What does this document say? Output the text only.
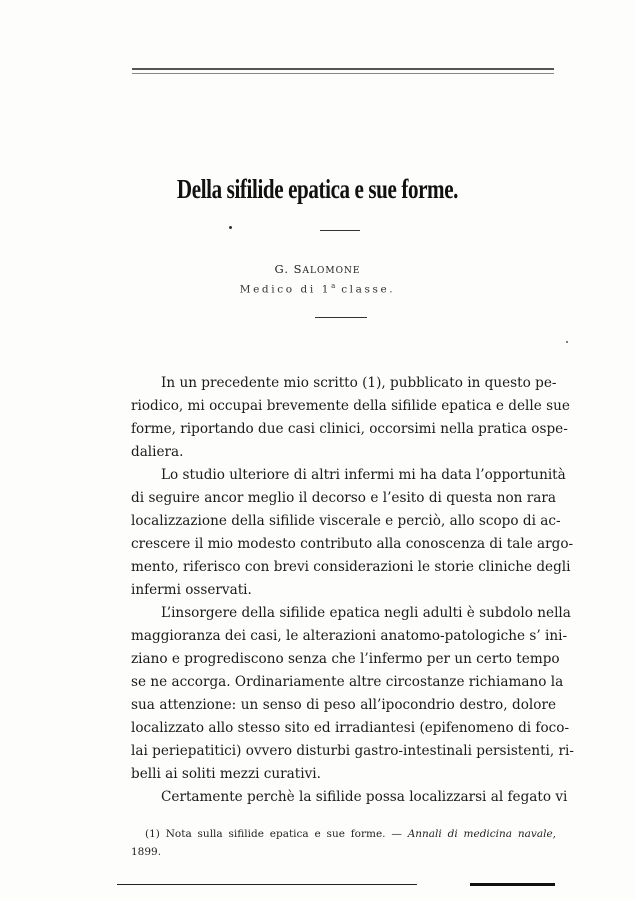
Della sifilide epatica e sue forme.
G. SALOMONE
Medico di 1$^a$ classe.
In un precedente mio scritto (1), pubblicato in questo pe-
riodico, mi occupai brevemente della sifilide epatica e delle sue
forme, riportando due casi clinici, occorsimi nella pratica ospe-
daliera.
Lo studio ulteriore di altri infermi mi ha data l’opportunità
di seguire ancor meglio il decorso e l’esito di questa non rara
localizzazione della sifilide viscerale e perciò, allo scopo di ac-
crescere il mio modesto contributo alla conoscenza di tale argo-
mento, riferisco con brevi considerazioni le storie cliniche degli
infermi osservati.
L’insorgere della sifilide epatica negli adulti è subdolo nella
maggioranza dei casi, le alterazioni anatomo-patologiche s’ ini-
ziano e progrediscono senza che l’infermo per un certo tempo
se ne accorga. Ordinariamente altre circostanze richiamano la
sua attenzione: un senso di peso all’ipocondrio destro, dolore
localizzato allo stesso sito ed irradiantesi (epifenomeno di foco-
lai periepatitici) ovvero disturbi gastro-intestinali persistenti, ri-
belli ai soliti mezzi curativi.
Certamente perchè la sifilide possa localizzarsi al fegato vi
(1) Nota sulla sifilide epatica e sue forme. — Annali di medicina navale,
1899.
